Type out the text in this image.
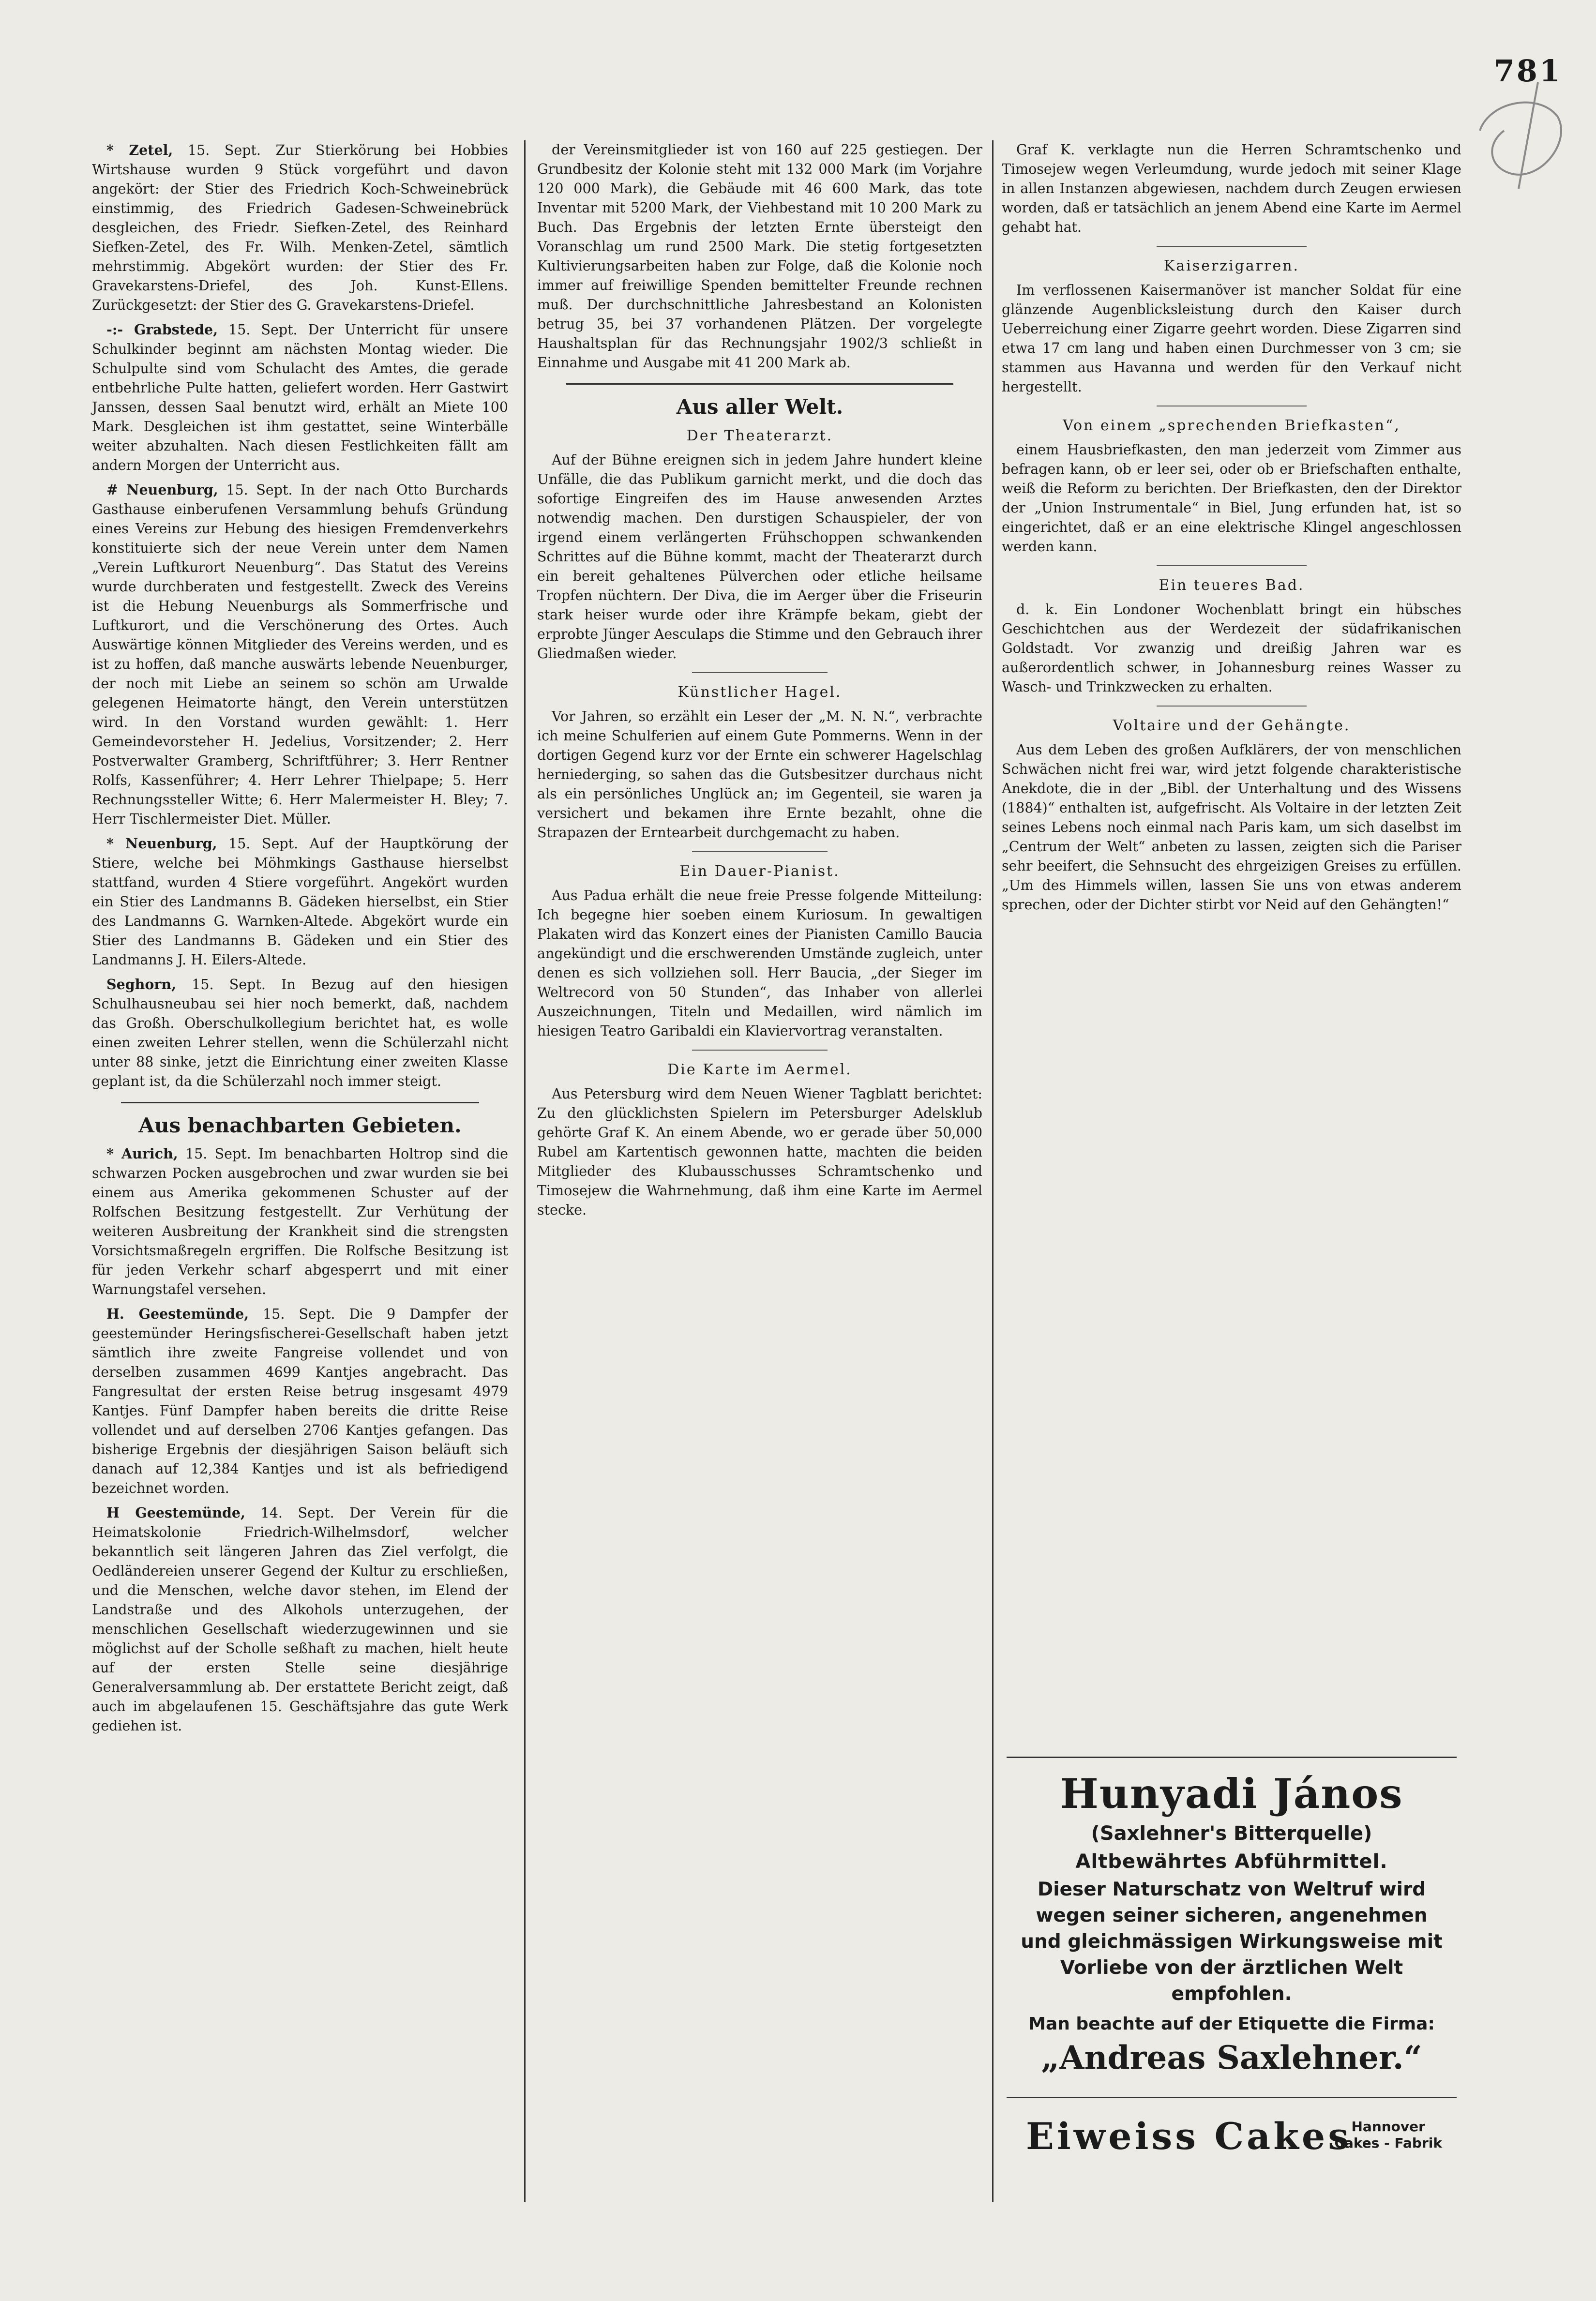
781

* Zetel, 15. Sept. Zur Stierkörung bei Hobbies Wirtshause wurden 9 Stück vorgeführt und davon angekört: der Stier des Friedrich Koch-Schweinebrück einstimmig, des Friedrich Gadesen-Schweinebrück desgleichen, des Friedr. Siefken-Zetel, des Reinhard Siefken-Zetel, des Fr. Wilh. Menken-Zetel, sämtlich mehrstimmig. Abgekört wurden: der Stier des Fr. Gravekarstens-Driefel, des Joh. Kunst-Ellens. Zurückgesetzt: der Stier des G. Gravekarstens-Driefel.

-:- Grabstede, 15. Sept. Der Unterricht für unsere Schulkinder beginnt am nächsten Montag wieder. Die Schulpulte sind vom Schulacht des Amtes, die gerade entbehrliche Pulte hatten, geliefert worden. Herr Gastwirt Janssen, dessen Saal benutzt wird, erhält an Miete 100 Mark. Desgleichen ist ihm gestattet, seine Winterbälle weiter abzuhalten. Nach diesen Festlichkeiten fällt am andern Morgen der Unterricht aus.

# Neuenburg, 15. Sept. In der nach Otto Burchards Gasthause einberufenen Versammlung behufs Gründung eines Vereins zur Hebung des hiesigen Fremdenverkehrs konstituierte sich der neue Verein unter dem Namen „Verein Luftkurort Neuenburg“. Das Statut des Vereins wurde durchberaten und festgestellt. Zweck des Vereins ist die Hebung Neuenburgs als Sommerfrische und Luftkurort, und die Verschönerung des Ortes. Auch Auswärtige können Mitglieder des Vereins werden, und es ist zu hoffen, daß manche auswärts lebende Neuenburger, der noch mit Liebe an seinem so schön am Urwalde gelegenen Heimatorte hängt, den Verein unterstützen wird. In den Vorstand wurden gewählt: 1. Herr Gemeindevorsteher H. Jedelius, Vorsitzender; 2. Herr Postverwalter Gramberg, Schriftführer; 3. Herr Rentner Rolfs, Kassenführer; 4. Herr Lehrer Thielpape; 5. Herr Rechnungssteller Witte; 6. Herr Malermeister H. Bley; 7. Herr Tischlermeister Diet. Müller.

* Neuenburg, 15. Sept. Auf der Hauptkörung der Stiere, welche bei Möhmkings Gasthause hierselbst stattfand, wurden 4 Stiere vorgeführt. Angekört wurden ein Stier des Landmanns B. Gädeken hierselbst, ein Stier des Landmanns G. Warnken-Altede. Abgekört wurde ein Stier des Landmanns B. Gädeken und ein Stier des Landmanns J. H. Eilers-Altede.

Seghorn, 15. Sept. In Bezug auf den hiesigen Schulhausneubau sei hier noch bemerkt, daß, nachdem das Großh. Oberschulkollegium berichtet hat, es wolle einen zweiten Lehrer stellen, wenn die Schülerzahl nicht unter 88 sinke, jetzt die Einrichtung einer zweiten Klasse geplant ist, da die Schülerzahl noch immer steigt.

Aus benachbarten Gebieten.

* Aurich, 15. Sept. Im benachbarten Holtrop sind die schwarzen Pocken ausgebrochen und zwar wurden sie bei einem aus Amerika gekommenen Schuster auf der Rolfschen Besitzung festgestellt. Zur Verhütung der weiteren Ausbreitung der Krankheit sind die strengsten Vorsichtsmaßregeln ergriffen. Die Rolfsche Besitzung ist für jeden Verkehr scharf abgesperrt und mit einer Warnungstafel versehen.

H. Geestemünde, 15. Sept. Die 9 Dampfer der geestemünder Heringsfischerei-Gesellschaft haben jetzt sämtlich ihre zweite Fangreise vollendet und von derselben zusammen 4699 Kantjes angebracht. Das Fangresultat der ersten Reise betrug insgesamt 4979 Kantjes. Fünf Dampfer haben bereits die dritte Reise vollendet und auf derselben 2706 Kantjes gefangen. Das bisherige Ergebnis der diesjährigen Saison beläuft sich danach auf 12,384 Kantjes und ist als befriedigend bezeichnet worden.

H Geestemünde, 14. Sept. Der Verein für die Heimatskolonie Friedrich-Wilhelmsdorf, welcher bekanntlich seit längeren Jahren das Ziel verfolgt, die Oedländereien unserer Gegend der Kultur zu erschließen, und die Menschen, welche davor stehen, im Elend der Landstraße und des Alkohols unterzugehen, der menschlichen Gesellschaft wiederzugewinnen und sie möglichst auf der Scholle seßhaft zu machen, hielt heute auf der ersten Stelle seine diesjährige Generalversammlung ab. Der erstattete Bericht zeigt, daß auch im abgelaufenen 15. Geschäftsjahre das gute Werk gediehen ist.

der Vereinsmitglieder ist von 160 auf 225 gestiegen. Der Grundbesitz der Kolonie steht mit 132 000 Mark (im Vorjahre 120 000 Mark), die Gebäude mit 46 600 Mark, das tote Inventar mit 5200 Mark, der Viehbestand mit 10 200 Mark zu Buch. Das Ergebnis der letzten Ernte übersteigt den Voranschlag um rund 2500 Mark. Die stetig fortgesetzten Kultivierungsarbeiten haben zur Folge, daß die Kolonie noch immer auf freiwillige Spenden bemittelter Freunde rechnen muß. Der durchschnittliche Jahresbestand an Kolonisten betrug 35, bei 37 vorhandenen Plätzen. Der vorgelegte Haushaltsplan für das Rechnungsjahr 1902/3 schließt in Einnahme und Ausgabe mit 41 200 Mark ab.

Aus aller Welt.
Der Theaterarzt.

Auf der Bühne ereignen sich in jedem Jahre hundert kleine Unfälle, die das Publikum garnicht merkt, und die doch das sofortige Eingreifen des im Hause anwesenden Arztes notwendig machen. Den durstigen Schauspieler, der von irgend einem verlängerten Frühschoppen schwankenden Schrittes auf die Bühne kommt, macht der Theaterarzt durch ein bereit gehaltenes Pülverchen oder etliche heilsame Tropfen nüchtern. Der Diva, die im Aerger über die Friseurin stark heiser wurde oder ihre Krämpfe bekam, giebt der erprobte Jünger Aesculaps die Stimme und den Gebrauch ihrer Gliedmaßen wieder.

Künstlicher Hagel.

Vor Jahren, so erzählt ein Leser der „M. N. N.“, verbrachte ich meine Schulferien auf einem Gute Pommerns. Wenn in der dortigen Gegend kurz vor der Ernte ein schwerer Hagelschlag herniederging, so sahen das die Gutsbesitzer durchaus nicht als ein persönliches Unglück an; im Gegenteil, sie waren ja versichert und bekamen ihre Ernte bezahlt, ohne die Strapazen der Erntearbeit durchgemacht zu haben.

Ein Dauer-Pianist.

Aus Padua erhält die neue freie Presse folgende Mitteilung: Ich begegne hier soeben einem Kuriosum. In gewaltigen Plakaten wird das Konzert eines der Pianisten Camillo Baucia angekündigt und die erschwerenden Umstände zugleich, unter denen es sich vollziehen soll. Herr Baucia, „der Sieger im Weltrecord von 50 Stunden“, das Inhaber von allerlei Auszeichnungen, Titeln und Medaillen, wird nämlich im hiesigen Teatro Garibaldi ein Klaviervortrag veranstalten.

Die Karte im Aermel.

Aus Petersburg wird dem Neuen Wiener Tagblatt berichtet: Zu den glücklichsten Spielern im Petersburger Adelsklub gehörte Graf K. An einem Abende, wo er gerade über 50,000 Rubel am Kartentisch gewonnen hatte, machten die beiden Mitglieder des Klubausschusses Schramtschenko und Timosejew die Wahrnehmung, daß ihm eine Karte im Aermel stecke.

Graf K. verklagte nun die Herren Schramtschenko und Timosejew wegen Verleumdung, wurde jedoch mit seiner Klage in allen Instanzen abgewiesen, nachdem durch Zeugen erwiesen worden, daß er tatsächlich an jenem Abend eine Karte im Aermel gehabt hat.

Kaiserzigarren.

Im verflossenen Kaisermanöver ist mancher Soldat für eine glänzende Augenblicksleistung durch den Kaiser durch Ueberreichung einer Zigarre geehrt worden. Diese Zigarren sind etwa 17 cm lang und haben einen Durchmesser von 3 cm; sie stammen aus Havanna und werden für den Verkauf nicht hergestellt.

Von einem „sprechenden Briefkasten“,

einem Hausbriefkasten, den man jederzeit vom Zimmer aus befragen kann, ob er leer sei, oder ob er Briefschaften enthalte, weiß die Reform zu berichten. Der Briefkasten, den der Direktor der „Union Instrumentale“ in Biel, Jung erfunden hat, ist so eingerichtet, daß er an eine elektrische Klingel angeschlossen werden kann.

Ein teueres Bad.

d. k. Ein Londoner Wochenblatt bringt ein hübsches Geschichtchen aus der Werdezeit der südafrikanischen Goldstadt. Vor zwanzig und dreißig Jahren war es außerordentlich schwer, in Johannesburg reines Wasser zu Wasch- und Trinkzwecken zu erhalten.

Voltaire und der Gehängte.

Aus dem Leben des großen Aufklärers, der von menschlichen Schwächen nicht frei war, wird jetzt folgende charakteristische Anekdote, die in der „Bibl. der Unterhaltung und des Wissens (1884)“ enthalten ist, aufgefrischt. Als Voltaire in der letzten Zeit seines Lebens noch einmal nach Paris kam, um sich daselbst im „Centrum der Welt“ anbeten zu lassen, zeigten sich die Pariser sehr beeifert, die Sehnsucht des ehrgeizigen Greises zu erfüllen. „Um des Himmels willen, lassen Sie uns von etwas anderem sprechen, oder der Dichter stirbt vor Neid auf den Gehängten!“

Hunyadi János
(Saxlehner's Bitterquelle)
Altbewährtes Abführmittel.
Dieser Naturschatz von Weltruf wird wegen seiner sicheren, angenehmen und gleichmässigen Wirkungsweise mit Vorliebe von der ärztlichen Welt empfohlen.
Man beachte auf der Etiquette die Firma:
„Andreas Saxlehner.“
Eiweiss Cakes Hannover
Cakes - Fabrik
